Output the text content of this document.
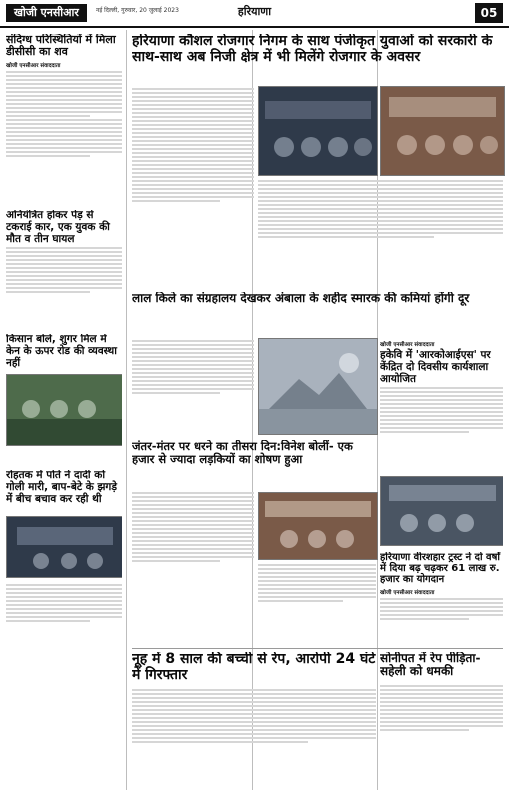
खोजी एनसीआर	नई दिल्ली, गुरुवार, 20 जुलाई 2023	हरियाणा	05
संदिग्ध परिस्थितियों में मिला डीसीसी का शव
खोजी एनसीआर संवाददाता
हरियाणा कौशल रोजगार निगम के साथ पंजीकृत युवाओं को सरकारी के साथ-साथ अब निजी क्षेत्र में भी मिलेंगे रोजगार के अवसर
अनियंत्रित होकर पेड़ से टकराई कार, एक युवक की मौत व तीन घायल
किसान बोले, शुगर मिल में केन के ऊपर रोड की व्यवस्था नहीं
लाल किले का संग्रहालय देखकर अंबाला के शहीद स्मारक की कमियां होंगी दूर
खोजी एनसीआर संवाददाता
हकेवि में 'आरकोआईएस' पर केंद्रित दो दिवसीय कार्यशाला आयोजित
रोहतक में पोते ने दादी को गोली मारी, बाप-बेटे के झगड़े में बीच बचाव कर रही थी
जंतर-मंतर पर धरने का तीसरा दिन:विनेश बोलीं- एक हजार से ज्यादा लड़कियों का शोषण हुआ
हरियाणा वीरशहार ट्रस्ट ने दो वर्षों में दिया बढ़ चढ़कर 61 लाख रु. हजार का योगदान
खोजी एनसीआर संवाददाता
नूह में 8 साल की बच्ची से रेप, आरोपी 24 घंटे में गिरफ्तार
सोनीपत में रेप पीड़िता-सहेली को धमकी
